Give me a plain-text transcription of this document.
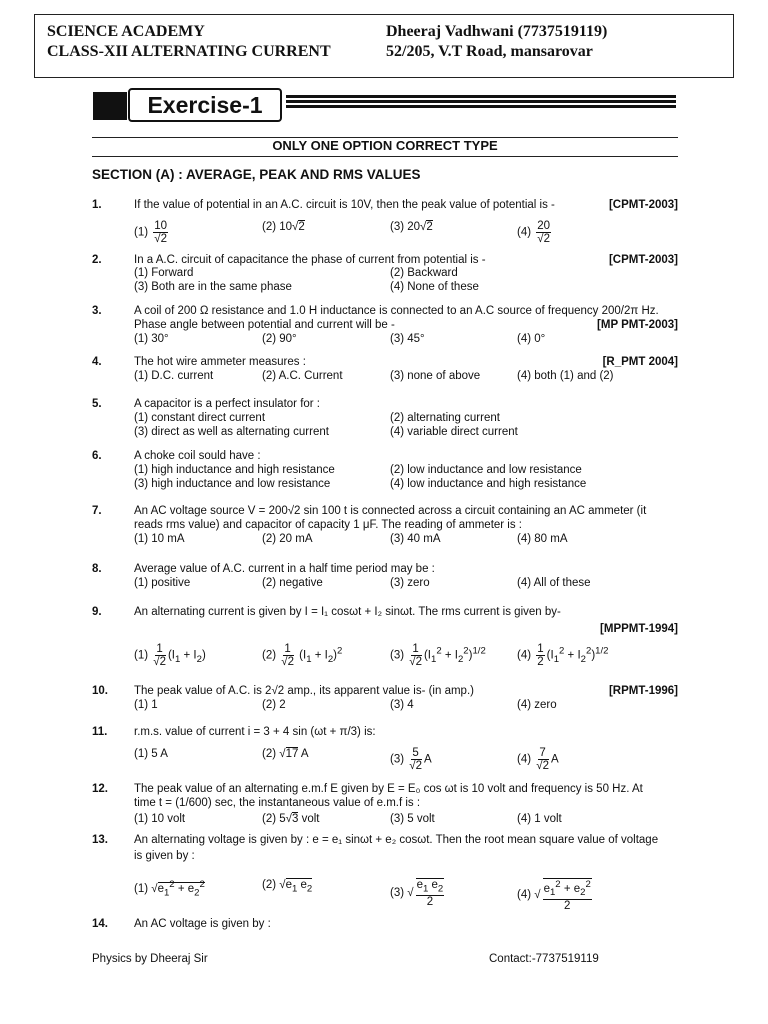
SCIENCE ACADEMY
CLASS-XII ALTERNATING CURRENT
Dheeraj Vadhwani (7737519119)
52/205, V.T Road, mansarovar
Exercise-1
ONLY ONE OPTION CORRECT TYPE
SECTION (A) : AVERAGE, PEAK AND RMS VALUES
1.	If the value of potential in an A.C. circuit is 10V, then the peak value of potential is -	[CPMT-2003]
$(1) \frac{10}{√2}$	(2) 10√2	(3) 20√2	$(4) \frac{20}{√2}$
2.	In a A.C. circuit of capacitance the phase of current from potential is -	[CPMT-2003]
(1) Forward	(2) Backward
(3) Both are in the same phase	(4) None of these
3.	A coil of 200 Ω resistance and 1.0 H inductance is connected to an A.C source of frequency 200/2π Hz.
Phase angle between potential and current will be -	[MP PMT-2003]
(1) 30°	(2) 90°	(3) 45°	(4) 0°
4.	The hot wire ammeter measures :	[R_PMT 2004]
(1) D.C. current	(2) A.C. Current	(3) none of above	(4) both (1) and (2)
5.	A capacitor is a perfect insulator for :
(1) constant direct current	(2) alternating current
(3) direct as well as alternating current	(4) variable direct current
6.	A choke coil sould have :
(1) high inductance and high resistance	(2) low inductance and low resistance
(3) high inductance and low resistance	(4) low inductance and high resistance
7.	An AC voltage source V = 200√2 sin 100 t is connected across a circuit containing an AC ammeter (it
reads rms value) and capacitor of capacity 1 μF. The reading of ammeter is :
(1) 10 mA	(2) 20 mA	(3) 40 mA	(4) 80 mA
8.	Average value of A.C. current in a half time period may be :
(1) positive	(2) negative	(3) zero	(4) All of these
9.	An alternating current is given by I = I₁ cosωt + I₂ sinωt. The rms current is given by-
[MPPMT-1994]
$(1) \frac{1}{√2} (I_1 + I_2)$	$(2) \frac{1}{√2} (I_1 + I_2)^2$	$(3) \frac{1}{√2} (I_1^2 + I_2^2)^{1/2}$	$(4) \frac{1}{2} (I_1^2 + I_2^2)^{1/2}$
10. The peak value of A.C. is 2√2 amp., its apparent value is- (in amp.)	[RPMT-1996]
(1) 1	(2) 2	(3) 4	(4) zero
11. r.m.s. value of current i = 3 + 4 sin (ωt + π/3) is:
(1) 5 A	(2) √17 A	$(3) \frac{5}{√2}$ A	$(4) \frac{7}{√2}$ A
12. The peak value of an alternating e.m.f E given by E = E₀ cos ωt is 10 volt and frequency is 50 Hz. At
time t = (1/600) sec, the instantaneous value of e.m.f is :
(1) 10 volt	(2) 5√3 volt	(3) 5 volt	(4) 1 volt
13. An alternating voltage is given by : e = e₁ sinωt + e₂ cosωt. Then the root mean square value of voltage
is given by :
(1) $√e_1^2 + e_2^2$	(2) $√e_1$ $e_2$	(3) √ $\frac{e_1 e_2}{2}$	(4) √ $\frac{e_1^2 + e_2^2}{2}$
14. An AC voltage is given by :
Physics by Dheeraj Sir	Contact:-7737519119
